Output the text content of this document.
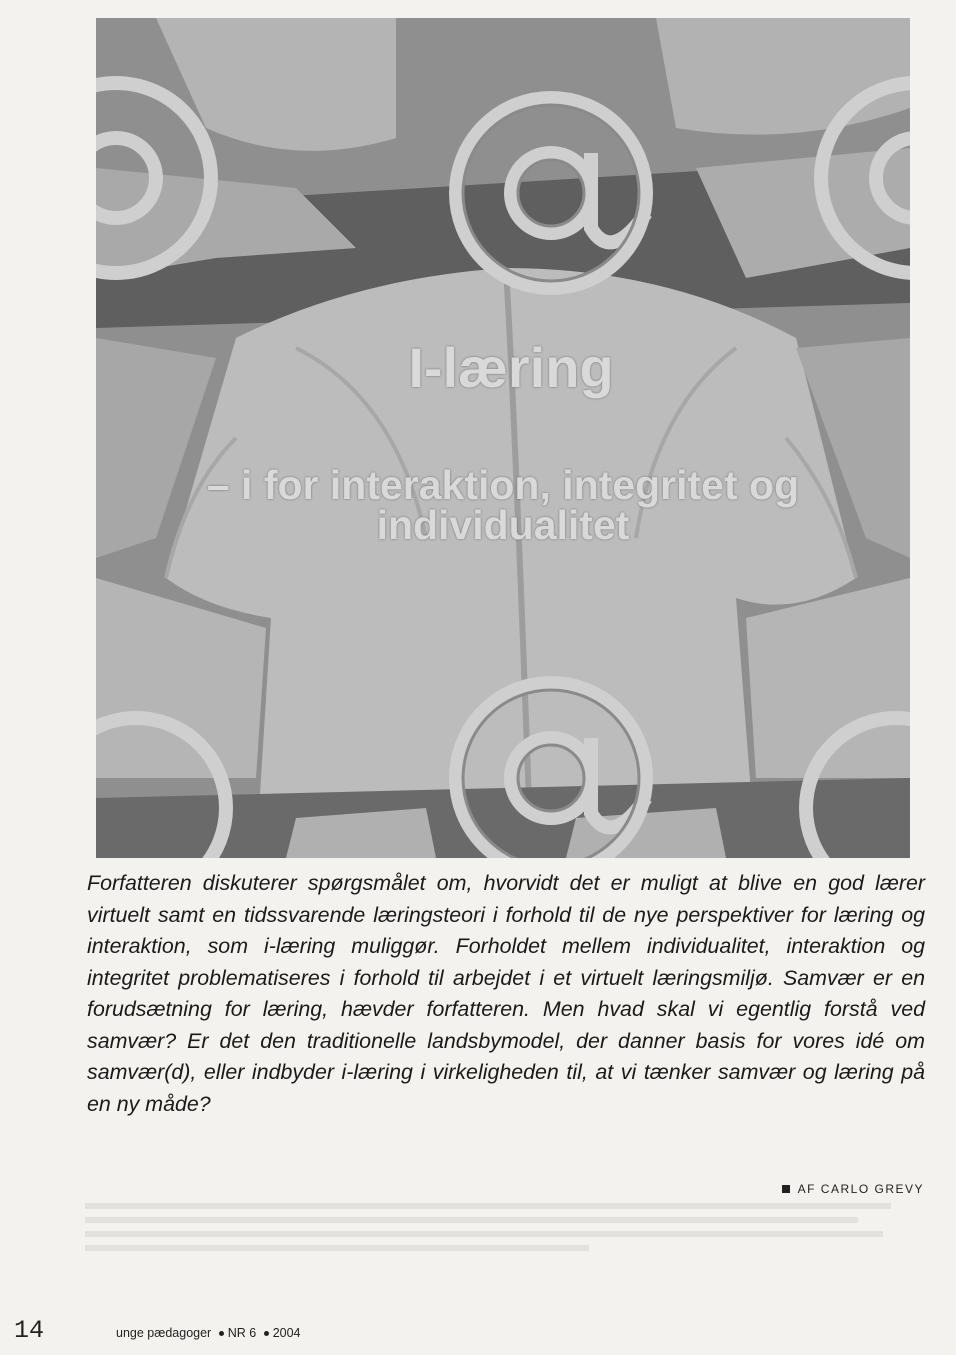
I-læring
– i for interaktion, integritet og
individualitet

Forfatteren diskuterer spørgsmålet om, hvorvidt det er muligt at blive en god lærer virtuelt samt en tidssvarende læringsteori i forhold til de nye perspektiver for læring og interaktion, som i-læring muliggør. Forholdet mellem individualitet, interaktion og integritet problematiseres i forhold til arbejdet i et virtuelt læringsmiljø. Samvær er en forudsætning for læring, hævder forfatteren. Men hvad skal vi egentlig forstå ved samvær? Er det den traditionelle landsbymodel, der danner basis for vores idé om samvær(d), eller indbyder i-læring i virkeligheden til, at vi tænker samvær og læring på en ny måde?

AF CARLO GREVY
14	unge pædagoger NR 6 2004
